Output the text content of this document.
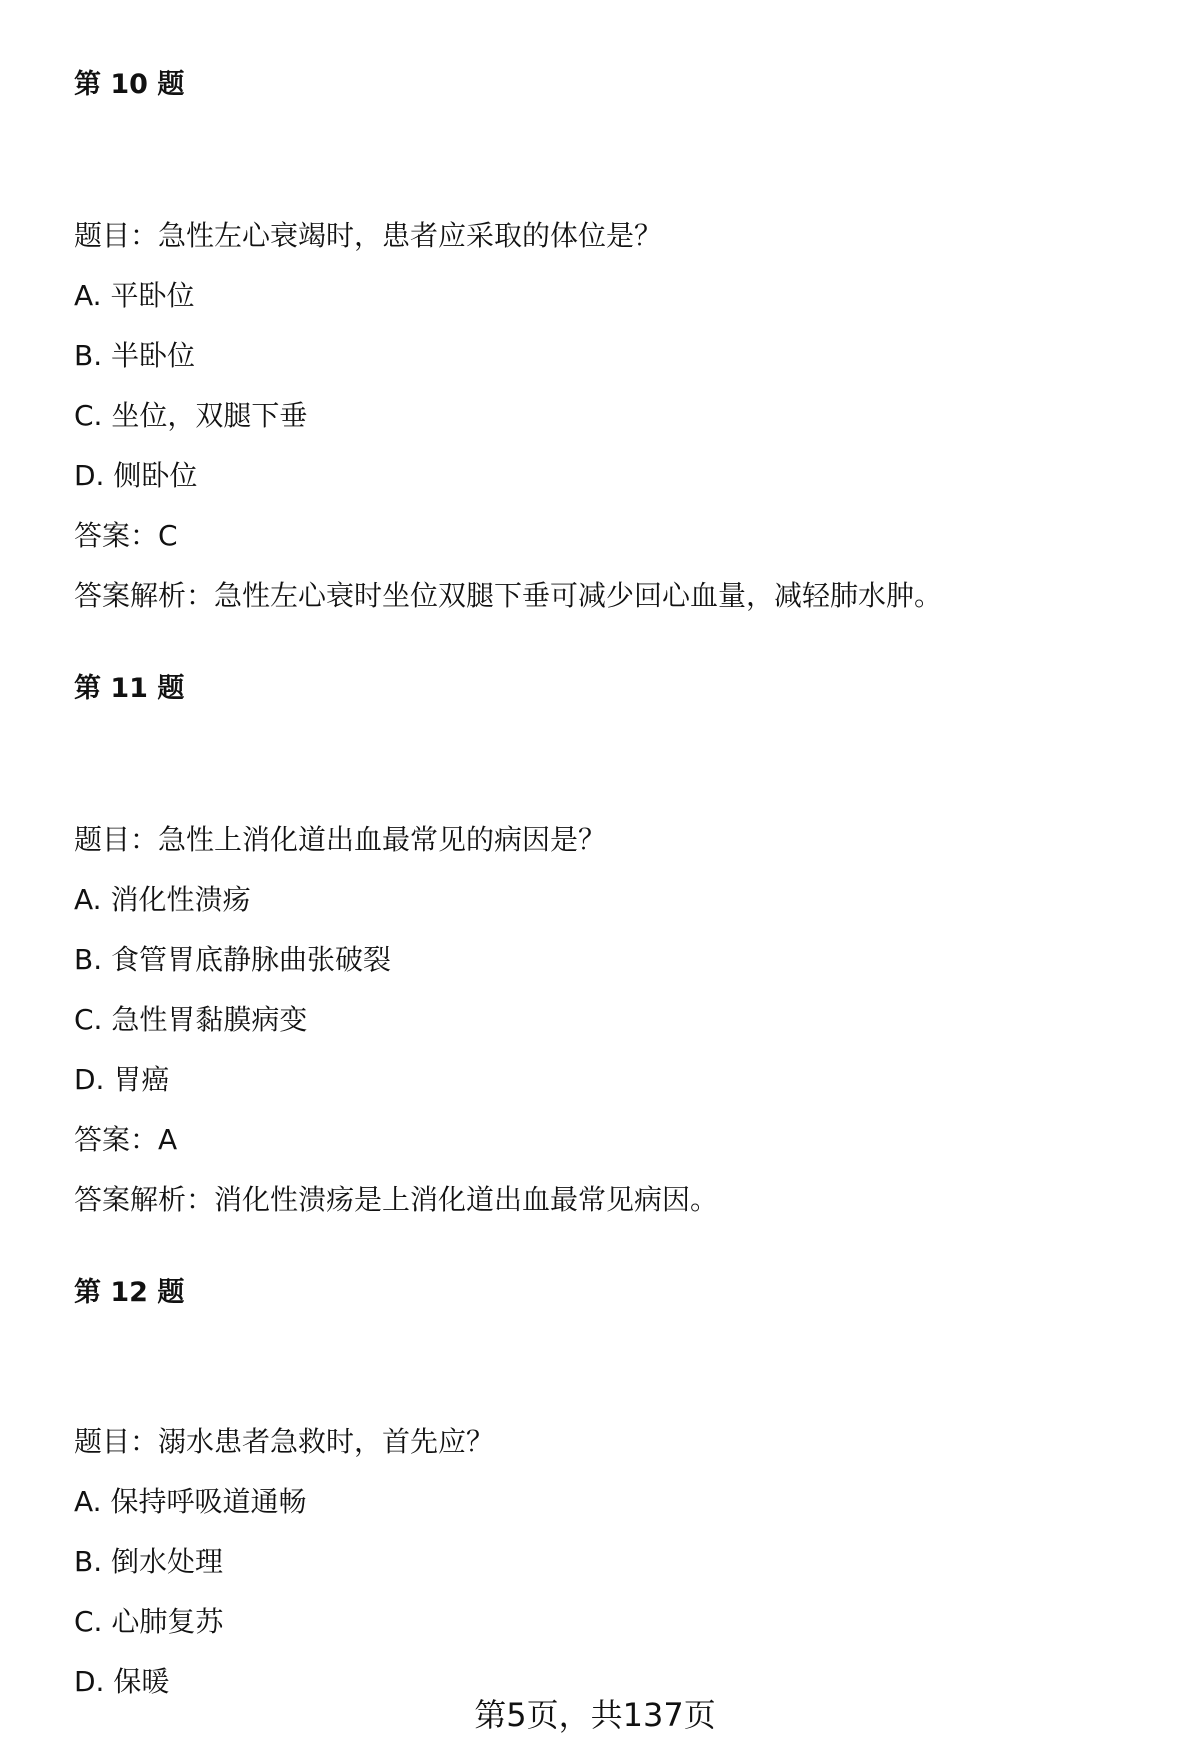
第 10 题
题目：急性左心衰竭时，患者应采取的体位是？
A. 平卧位
B. 半卧位
C. 坐位，双腿下垂
D. 侧卧位
答案：C
答案解析：急性左心衰时坐位双腿下垂可减少回心血量，减轻肺水肿。
第 11 题
题目：急性上消化道出血最常见的病因是？
A. 消化性溃疡
B. 食管胃底静脉曲张破裂
C. 急性胃黏膜病变
D. 胃癌
答案：A
答案解析：消化性溃疡是上消化道出血最常见病因。
第 12 题
题目：溺水患者急救时，首先应？
A. 保持呼吸道通畅
B. 倒水处理
C. 心肺复苏
D. 保暖
第5页，共137页
